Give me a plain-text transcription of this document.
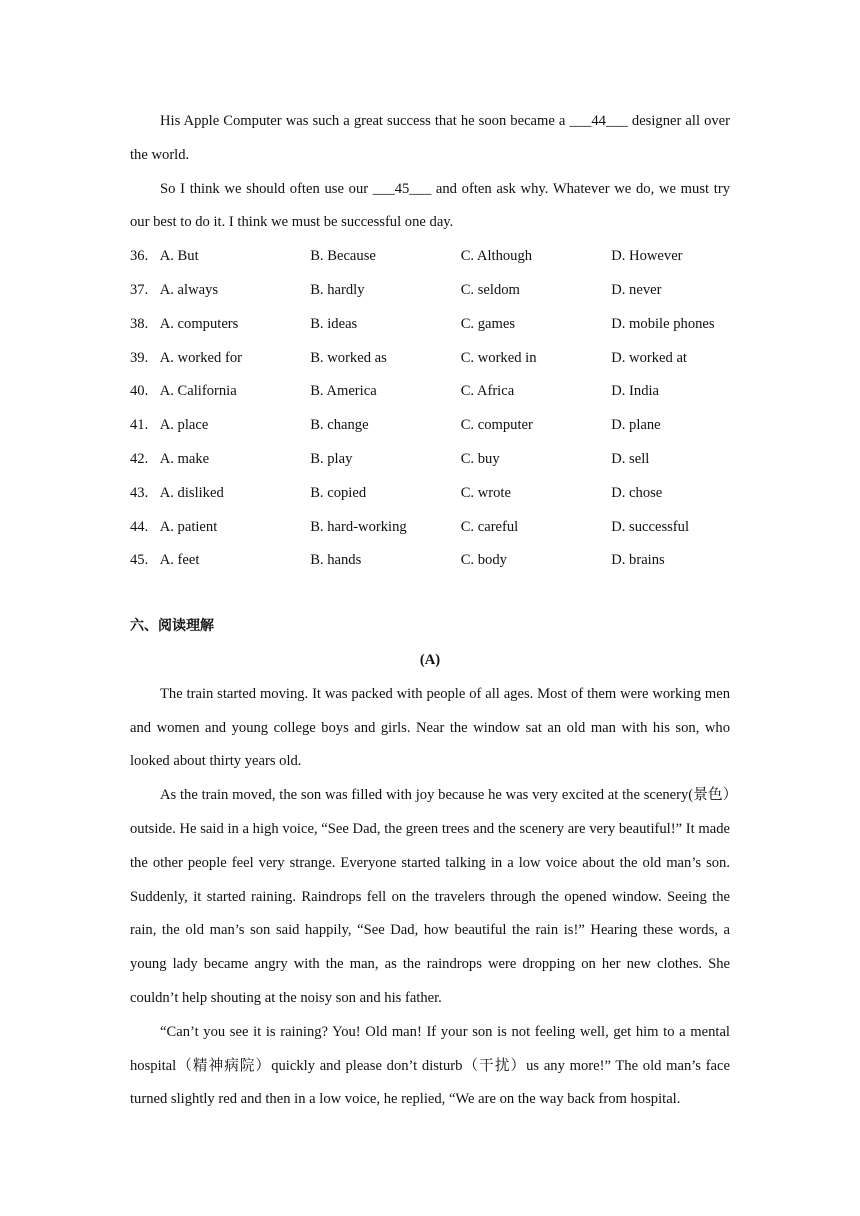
His Apple Computer was such a great success that he soon became a ___44___ designer all over the world.

So I think we should often use our ___45___ and often ask why. Whatever we do, we must try our best to do it. I think we must be successful one day.

36. A. But	B. Because	C. Although	D. However
37. A. always	B. hardly	C. seldom	D. never
38. A. computers	B. ideas	C. games	D. mobile phones
39. A. worked for	B. worked as	C. worked in	D. worked at
40. A. California	B. America	C. Africa	D. India
41. A. place	B. change	C. computer	D. plane
42. A. make	B. play	C. buy	D. sell
43. A. disliked	B. copied	C. wrote	D. chose
44. A. patient	B. hard-working	C. careful	D. successful
45. A. feet	B. hands	C. body	D. brains
六、阅读理解
(A)

The train started moving. It was packed with people of all ages. Most of them were working men and women and young college boys and girls. Near the window sat an old man with his son, who looked about thirty years old.

As the train moved, the son was filled with joy because he was very excited at the scenery(景色）outside. He said in a high voice, “See Dad, the green trees and the scenery are very beautiful!” It made the other people feel very strange. Everyone started talking in a low voice about the old man’s son. Suddenly, it started raining. Raindrops fell on the travelers through the opened window. Seeing the rain, the old man’s son said happily, “See Dad, how beautiful the rain is!” Hearing these words, a young lady became angry with the man, as the raindrops were dropping on her new clothes. She couldn’t help shouting at the noisy son and his father.

“Can’t you see it is raining? You! Old man! If your son is not feeling well, get him to a mental hospital（精神病院）quickly and please don’t disturb（干扰）us any more!” The old man’s face turned slightly red and then in a low voice, he replied, “We are on the way back from hospital.
